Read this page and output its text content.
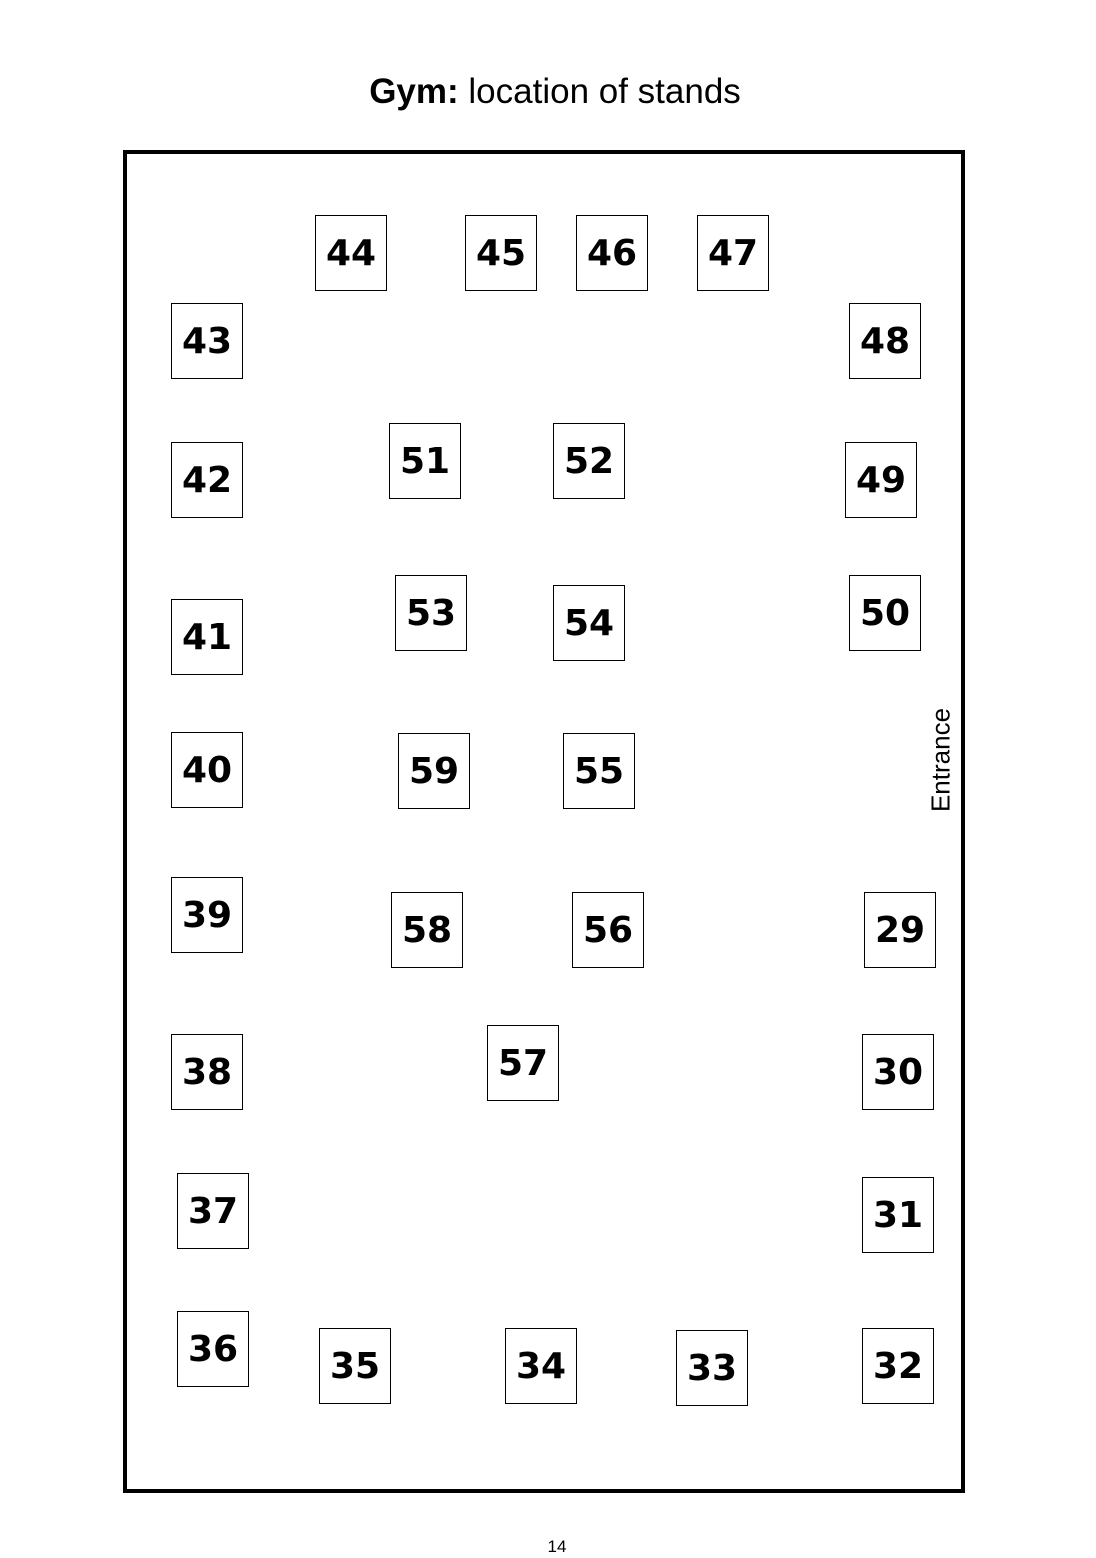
Gym: location of stands
44	45	46	47
43	48
51	52
42	49
53	54
41
50
40	59	55
39	58	56	29
57
38	30
37	31
36	35	34	33	32
Entrance
14
